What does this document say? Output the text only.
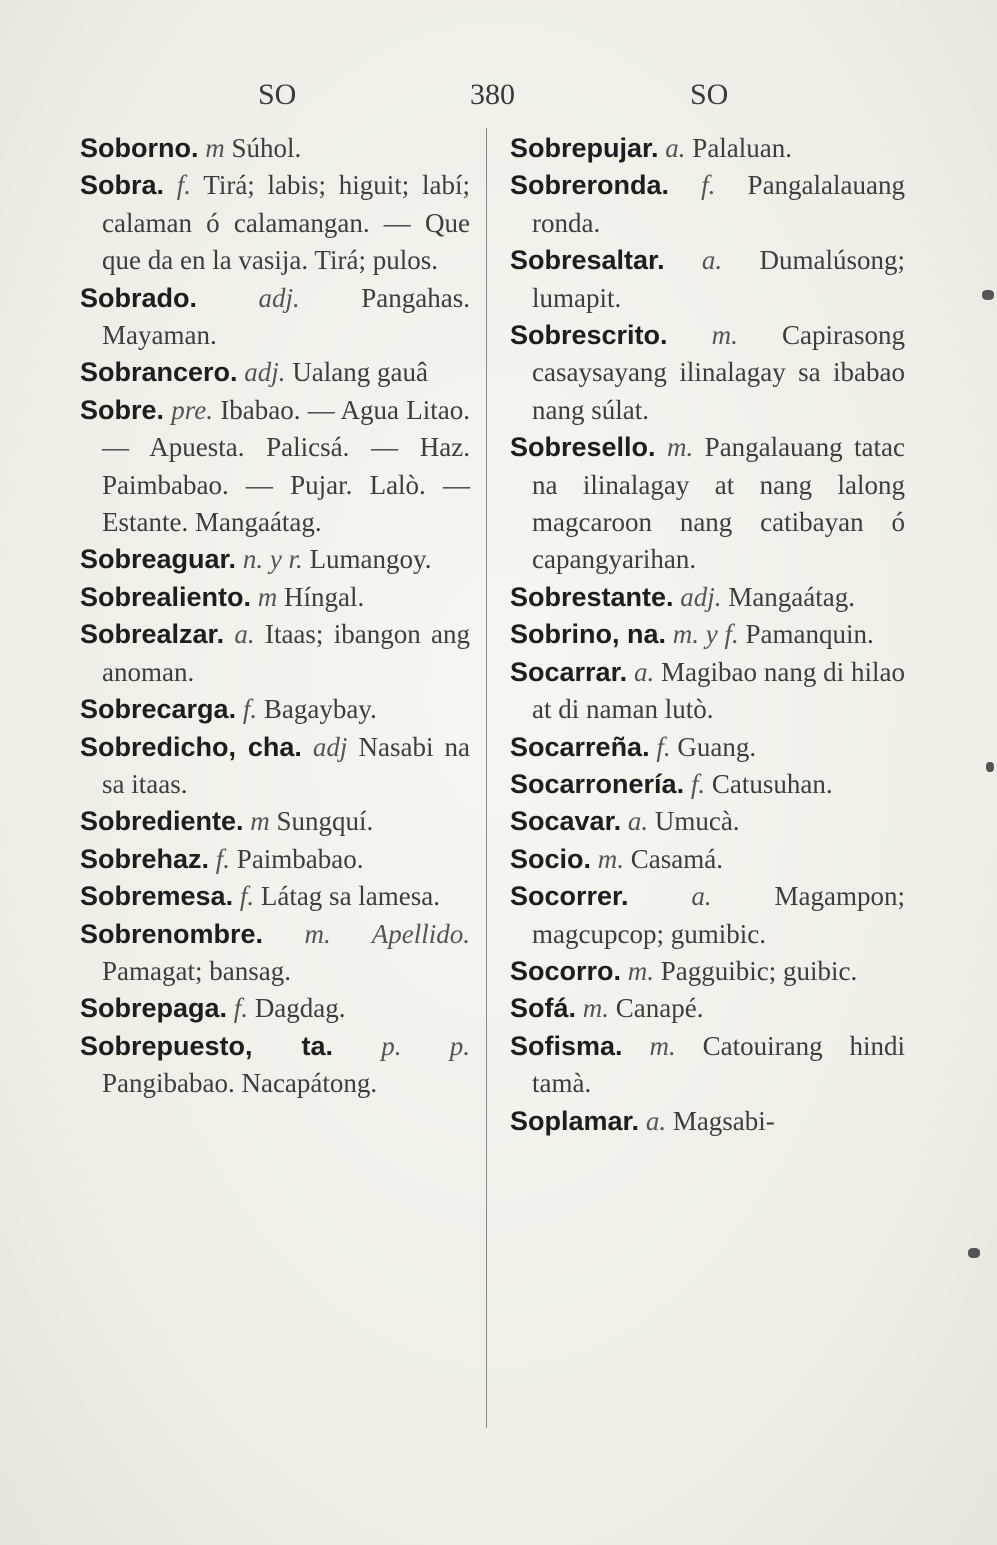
SO	380	SO

Soborno. m Súhol.

Sobra. f. Tirá; labis; higuit; labí; calaman ó calamangan. — Que que da en la vasija. Tirá; pulos.

Sobrado. adj. Pangahas. Mayaman.

Sobrancero. adj. Ualang gauâ

Sobre. pre. Ibabao. — Agua Litao. — Apuesta. Palicsá. — Haz. Paimbabao. — Pujar. Lalò. — Estante. Mangaátag.

Sobreaguar. n. y r. Lumangoy.

Sobrealiento. m Híngal.

Sobrealzar. a. Itaas; ibangon ang anoman.

Sobrecarga. f. Bagaybay.

Sobredicho, cha. adj Nasabi na sa itaas.

Sobrediente. m Sungquí.

Sobrehaz. f. Paimbabao.

Sobremesa. f. Látag sa lamesa.

Sobrenombre. m. Apellido. Pamagat; bansag.

Sobrepaga. f. Dagdag.

Sobrepuesto, ta. p. p. Pangibabao. Nacapátong.

Sobrepujar. a. Palaluan.

Sobreronda. f. Pangalalauang ronda.

Sobresaltar. a. Dumalúsong; lumapit.

Sobrescrito. m. Capirasong casaysayang ilinalagay sa ibabao nang súlat.

Sobresello. m. Pangalauang tatac na ilinalagay at nang lalong magcaroon nang catibayan ó capangyarihan.

Sobrestante. adj. Mangaátag.

Sobrino, na. m. y f. Pamanquin.

Socarrar. a. Magibao nang di hilao at di naman lutò.

Socarreña. f. Guang.

Socarronería. f. Catusuhan.

Socavar. a. Umucà.

Socio. m. Casamá.

Socorrer. a. Magampon; magcupcop; gumibic.

Socorro. m. Pagguibic; guibic.

Sofá. m. Canapé.

Sofisma. m. Catouirang hindi tamà.

Soplamar. a. Magsabi-
